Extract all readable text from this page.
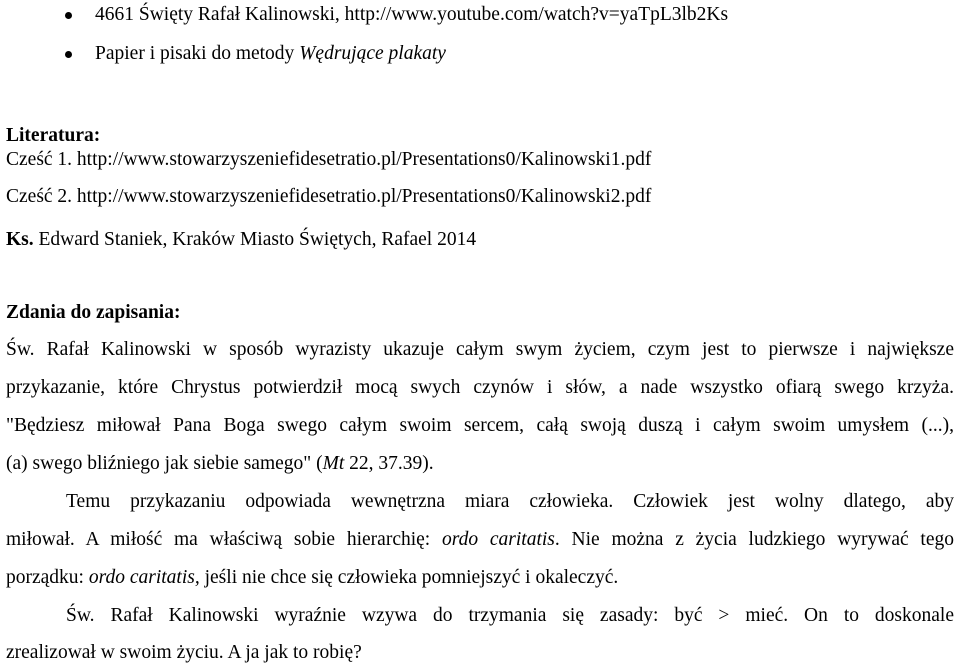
4661 Święty Rafał Kalinowski, http://www.youtube.com/watch?v=yaTpL3lb2Ks
Papier i pisaki do metody Wędrujące plakaty
Literatura:
Cześć 1. http://www.stowarzyszeniefidesetratio.pl/Presentations0/Kalinowski1.pdf
Cześć 2. http://www.stowarzyszeniefidesetratio.pl/Presentations0/Kalinowski2.pdf
Ks. Edward Staniek, Kraków Miasto Świętych, Rafael 2014
Zdania do zapisania:
Św. Rafał Kalinowski w sposób wyrazisty ukazuje całym swym życiem, czym jest to pierwsze i największe
przykazanie, które Chrystus potwierdził mocą swych czynów i słów, a nade wszystko ofiarą swego krzyża.
"Będziesz miłował Pana Boga swego całym swoim sercem, całą swoją duszą i całym swoim umysłem (...),
(a) swego bliźniego jak siebie samego" (Mt 22, 37.39).
Temu przykazaniu odpowiada wewnętrzna miara człowieka. Człowiek jest wolny dlatego, aby
miłował. A miłość ma właściwą sobie hierarchię: ordo caritatis. Nie można z życia ludzkiego wyrywać tego
porządku: ordo caritatis, jeśli nie chce się człowieka pomniejszyć i okaleczyć.
Św. Rafał Kalinowski wyraźnie wzywa do trzymania się zasady: być > mieć. On to doskonale
zrealizował w swoim życiu. A ja jak to robię?
